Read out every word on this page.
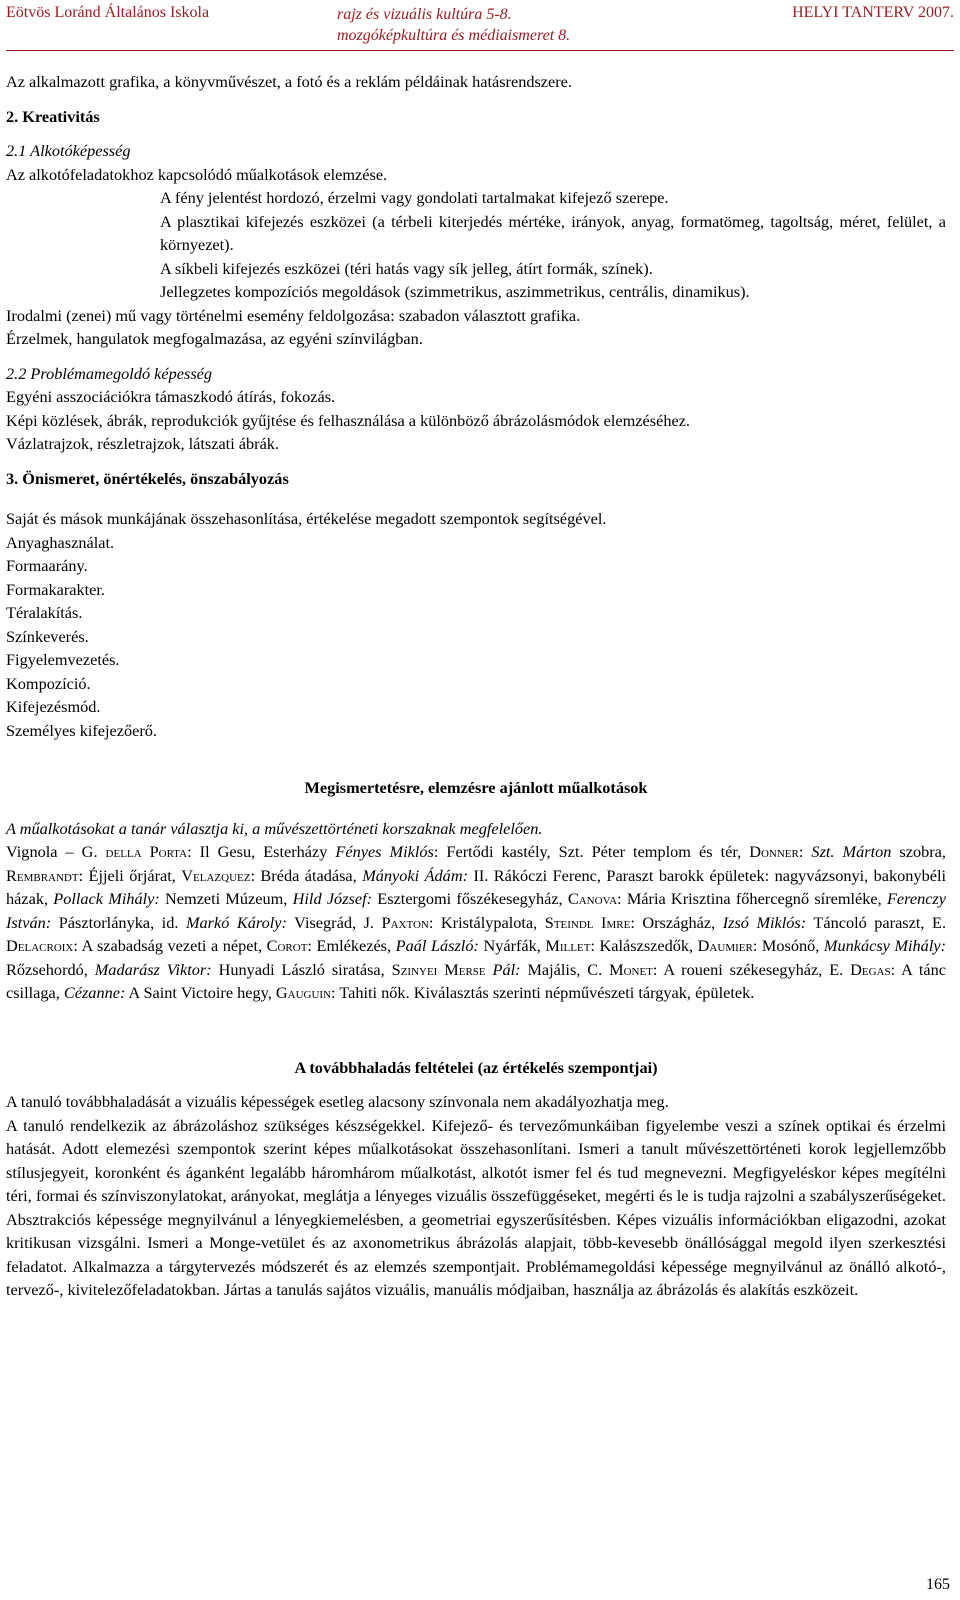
Eötvös Loránd Általános Iskola	rajz és vizuális kultúra 5-8.
mozgóképkultúra és médiaismeret 8.
HELYI TANTERV 2007.

Az alkalmazott grafika, a könyvművészet, a fotó és a reklám példáinak hatásrendszere.

2. Kreativitás

2.1 Alkotóképesség

Az alkotófeladatokhoz kapcsolódó műalkotások elemzése.

A fény jelentést hordozó, érzelmi vagy gondolati tartalmakat kifejező szerepe.

A plasztikai kifejezés eszközei (a térbeli kiterjedés mértéke, irányok, anyag, formatömeg, tagoltság, méret, felület, a környezet).

A síkbeli kifejezés eszközei (téri hatás vagy sík jelleg, átírt formák, színek).

Jellegzetes kompozíciós megoldások (szimmetrikus, aszimmetrikus, centrális, dinamikus).

Irodalmi (zenei) mű vagy történelmi esemény feldolgozása: szabadon választott grafika.

Érzelmek, hangulatok megfogalmazása, az egyéni színvilágban.

2.2 Problémamegoldó képesség

Egyéni asszociációkra támaszkodó átírás, fokozás.

Képi közlések, ábrák, reprodukciók gyűjtése és felhasználása a különböző ábrázolásmódok elemzéséhez.

Vázlatrajzok, részletrajzok, látszati ábrák.

3. Önismeret, önértékelés, önszabályozás

Saját és mások munkájának összehasonlítása, értékelése megadott szempontok segítségével.

Anyaghasználat.

Formaarány.

Formakarakter.

Téralakítás.

Színkeverés.

Figyelemvezetés.

Kompozíció.

Kifejezésmód.

Személyes kifejezőerő.

Megismertetésre, elemzésre ajánlott műalkotások

A műalkotásokat a tanár választja ki, a művészettörténeti korszaknak megfelelően.

Vignola – G. della Porta: Il Gesu, Esterházy Fényes Miklós: Fertődi kastély, Szt. Péter templom és tér, Donner: Szt. Márton szobra, Rembrandt: Éjjeli őrjárat, Velazquez: Bréda átadása, Mányoki Ádám: II. Rákóczi Ferenc, Paraszt barokk épületek: nagyvázsonyi, bakonybéli házak, Pollack Mihály: Nemzeti Múzeum, Hild József: Esztergomi főszékesegyház, Canova: Mária Krisztina főhercegnő síremléke, Ferenczy István: Pásztorlányka, id. Markó Károly: Visegrád, J. Paxton: Kristálypalota, Steindl Imre: Országház, Izsó Miklós: Táncoló paraszt, E. Delacroix: A szabadság vezeti a népet, Corot: Emlékezés, Paál László: Nyárfák, Millet: Kalászszedők, Daumier: Mosónő, Munkácsy Mihály: Rőzsehordó, Madarász Viktor: Hunyadi László siratása, Szinyei Merse Pál: Majális, C. Monet: A roueni székesegyház, E. Degas: A tánc csillaga, Cézanne: A Saint Victoire hegy, Gauguin: Tahiti nők. Kiválasztás szerinti népművészeti tárgyak, épületek.

A továbbhaladás feltételei (az értékelés szempontjai)

A tanuló továbbhaladását a vizuális képességek esetleg alacsony színvonala nem akadályozhatja meg.

A tanuló rendelkezik az ábrázoláshoz szükséges készségekkel. Kifejező- és tervezőmunkáiban figyelembe veszi a színek optikai és érzelmi hatását. Adott elemezési szempontok szerint képes műalkotásokat összehasonlítani. Ismeri a tanult művészettörténeti korok legjellemzőbb stílusjegyeit, koronként és áganként legalább háromhárom műalkotást, alkotót ismer fel és tud megnevezni. Megfigyeléskor képes megítélni téri, formai és színviszonylatokat, arányokat, meglátja a lényeges vizuális összefüggéseket, megérti és le is tudja rajzolni a szabályszerűségeket. Absztrakciós képessége megnyilvánul a lényegkiemelésben, a geometriai egyszerűsítésben. Képes vizuális információkban eligazodni, azokat kritikusan vizsgálni. Ismeri a Monge-vetület és az axonometrikus ábrázolás alapjait, több-kevesebb önállósággal megold ilyen szerkesztési feladatot. Alkalmazza a tárgytervezés módszerét és az elemzés szempontjait. Problémamegoldási képessége megnyilvánul az önálló alkotó-, tervező-, kivitelezőfeladatokban. Jártas a tanulás sajátos vizuális, manuális módjaiban, használja az ábrázolás és alakítás eszközeit.

165
